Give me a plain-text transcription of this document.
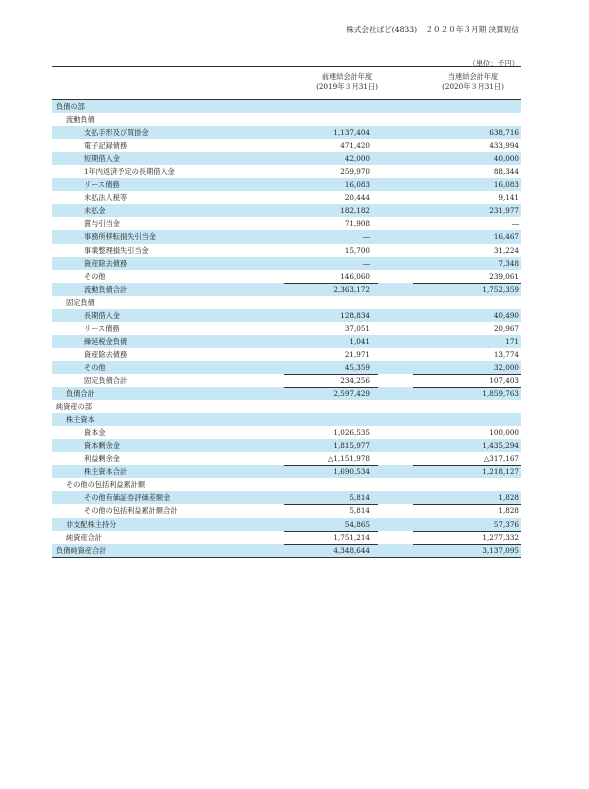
株式会社ぱど(4833) ２０２０年３月期 決算短信
（単位：千円）
前連結会計年度
(2019年３月31日)
当連結会計年度
(2020年３月31日)
負債の部
流動負債
支払手形及び買掛金	1,137,404	638,716
電子記録債務	471,420	433,994
短期借入金	42,000	40,000
1年内返済予定の長期借入金	259,970	88,344
リース債務	16,083	16,083
未払法人税等	20,444	9,141
未払金	182,182	231,977
賞与引当金	71,908	―
事務所移転損失引当金	―	16,467
事業整理損失引当金	15,700	31,224
資産除去債務	―	7,348
その他	146,060	239,061
流動負債合計	2,363,172	1,752,359
固定負債
長期借入金	128,834	40,490
リース債務	37,051	20,967
繰延税金負債	1,041	171
資産除去債務	21,971	13,774
その他	45,359	32,000
固定負債合計	234,256	107,403
負債合計	2,597,429	1,859,763
純資産の部
株主資本
資本金	1,026,535	100,000
資本剰余金	1,815,977	1,435,294
利益剰余金	△1,151,978	△317,167
株主資本合計	1,690,534	1,218,127
その他の包括利益累計額
その他有価証券評価差額金	5,814	1,828
その他の包括利益累計額合計	5,814	1,828
非支配株主持分	54,865	57,376
純資産合計	1,751,214	1,277,332
負債純資産合計	4,348,644	3,137,095
